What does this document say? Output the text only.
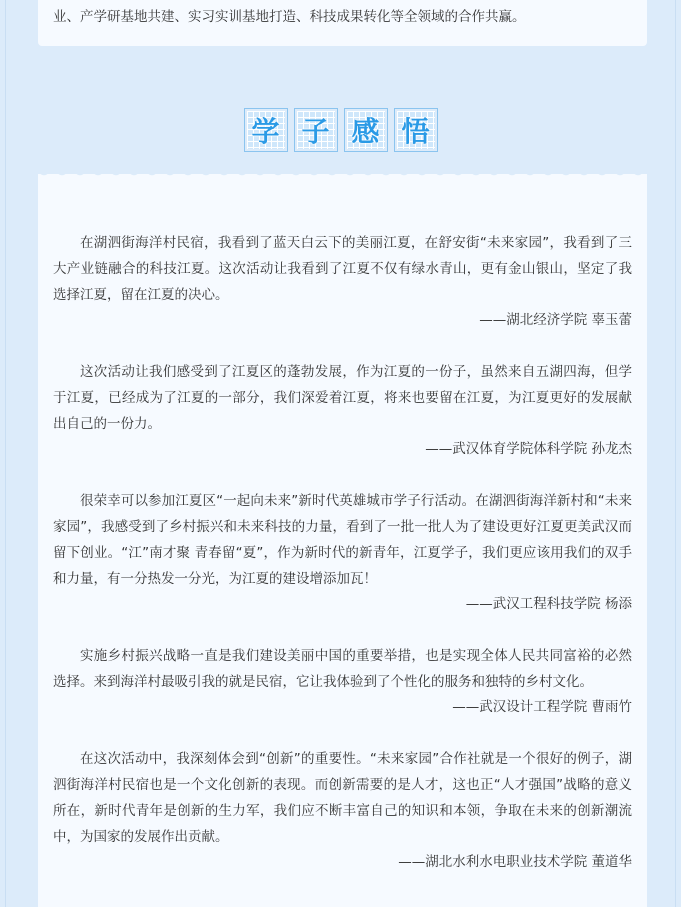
业、产学研基地共建、实习实训基地打造、科技成果转化等全领域的合作共赢。

学 子 感 悟

在湖泗街海洋村民宿，我看到了蓝天白云下的美丽江夏，在舒安街“未来家园”，我看到了三大产业链融合的科技江夏。这次活动让我看到了江夏不仅有绿水青山，更有金山银山，坚定了我选择江夏，留在江夏的决心。

——湖北经济学院 辜玉蕾

这次活动让我们感受到了江夏区的蓬勃发展，作为江夏的一份子，虽然来自五湖四海，但学于江夏，已经成为了江夏的一部分，我们深爱着江夏，将来也要留在江夏，为江夏更好的发展献出自己的一份力。

——武汉体育学院体科学院 孙龙杰

很荣幸可以参加江夏区“一起向未来”新时代英雄城市学子行活动。在湖泗街海洋新村和“未来家园”，我感受到了乡村振兴和未来科技的力量，看到了一批一批人为了建设更好江夏更美武汉而留下创业。“江”南才聚 青春留“夏”，作为新时代的新青年，江夏学子，我们更应该用我们的双手和力量，有一分热发一分光，为江夏的建设增添加瓦！

——武汉工程科技学院 杨添

实施乡村振兴战略一直是我们建设美丽中国的重要举措，也是实现全体人民共同富裕的必然选择。来到海洋村最吸引我的就是民宿，它让我体验到了个性化的服务和独特的乡村文化。

——武汉设计工程学院 曹雨竹

在这次活动中，我深刻体会到“创新”的重要性。“未来家园”合作社就是一个很好的例子，湖泗街海洋村民宿也是一个文化创新的表现。而创新需要的是人才，这也正“人才强国”战略的意义所在，新时代青年是创新的生力军，我们应不断丰富自己的知识和本领，争取在未来的创新潮流中，为国家的发展作出贡献。

——湖北水利水电职业技术学院 董道华
